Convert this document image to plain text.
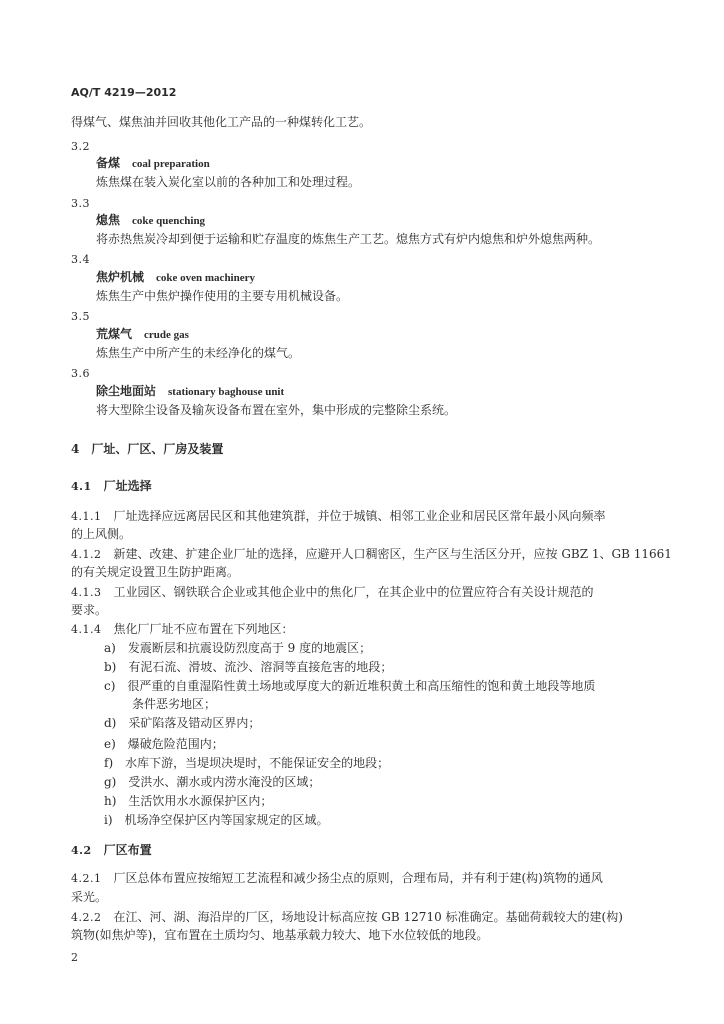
AQ/T 4219—2012
得煤气、煤焦油并回收其他化工产品的一种煤转化工艺。
3.2
备煤 coal preparation
炼焦煤在装入炭化室以前的各种加工和处理过程。
3.3
熄焦 coke quenching
将赤热焦炭冷却到便于运输和贮存温度的炼焦生产工艺。熄焦方式有炉内熄焦和炉外熄焦两种。
3.4
焦炉机械 coke oven machinery
炼焦生产中焦炉操作使用的主要专用机械设备。
3.5
荒煤气 crude gas
炼焦生产中所产生的未经净化的煤气。
3.6
除尘地面站 stationary baghouse unit
将大型除尘设备及输灰设备布置在室外，集中形成的完整除尘系统。
4 厂址、厂区、厂房及装置
4.1 厂址选择
4.1.1 厂址选择应远离居民区和其他建筑群，并位于城镇、相邻工业企业和居民区常年最小风向频率
的上风侧。
4.1.2 新建、改建、扩建企业厂址的选择，应避开人口稠密区，生产区与生活区分开，应按 GBZ 1、GB 11661
的有关规定设置卫生防护距离。
4.1.3 工业园区、钢铁联合企业或其他企业中的焦化厂，在其企业中的位置应符合有关设计规范的
要求。
4.1.4 焦化厂厂址不应布置在下列地区：
a) 发震断层和抗震设防烈度高于 9 度的地震区；
b) 有泥石流、滑坡、流沙、溶洞等直接危害的地段；
c) 很严重的自重湿陷性黄土场地或厚度大的新近堆积黄土和高压缩性的饱和黄土地段等地质
条件恶劣地区；
d) 采矿陷落及错动区界内；
e) 爆破危险范围内；
f) 水库下游，当堤坝决堤时，不能保证安全的地段；
g) 受洪水、潮水或内涝水淹没的区域；
h) 生活饮用水水源保护区内；
i) 机场净空保护区内等国家规定的区域。
4.2 厂区布置
4.2.1 厂区总体布置应按缩短工艺流程和减少扬尘点的原则，合理布局，并有利于建(构)筑物的通风
采光。
4.2.2 在江、河、湖、海沿岸的厂区，场地设计标高应按 GB 12710 标准确定。基础荷载较大的建(构)
筑物(如焦炉等)，宜布置在土质均匀、地基承载力较大、地下水位较低的地段。
2
